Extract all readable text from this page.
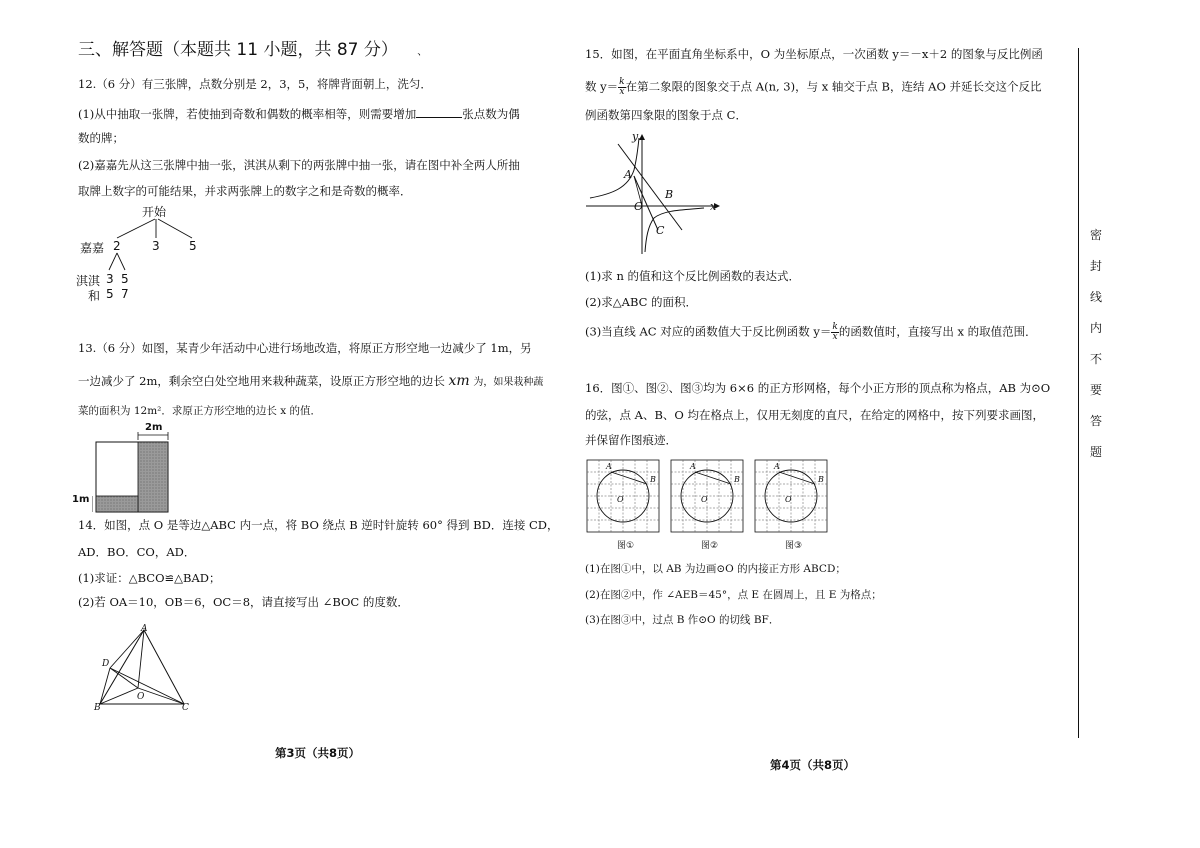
三、解答题（本题共 11 小题，共 87 分） 、
12.（6 分）有三张牌，点数分别是 2，3，5，将牌背面朝上，洗匀．
(1)从中抽取一张牌，若使抽到奇数和偶数的概率相等，则需要增加	张点数为偶
数的牌；
(2)嘉嘉先从这三张牌中抽一张，淇淇从剩下的两张牌中抽一张，请在图中补全两人所抽
取牌上数字的可能结果，并求两张牌上的数字之和是奇数的概率．
开始
嘉嘉 2	3 5
淇淇 3 5
和 5 7
13.（6 分）如图，某青少年活动中心进行场地改造，将原正方形空地一边减少了 1m，另
一边减少了 2m，剩余空白处空地用来栽种蔬菜，设原正方形空地的边长 xm 为，如果栽种蔬
菜的面积为 12m²．求原正方形空地的边长 x 的值．
2m
1m
14．如图，点 O 是等边△ABC 内一点，将 BO 绕点 B 逆时针旋转 60° 得到 BD．连接 CD，
AD．BO．CO，AD．
(1)求证：△BCO≌△BAD；
(2)若 OA＝10，OB＝6，OC＝8，请直接写出 ∠BOC 的度数．
A
D
O
B	C
第3页（共8页）
15．如图，在平面直角坐标系中，O 为坐标原点，一次函数 y＝－x＋2 的图象与反比例函
数 $y= \frac{k}{x}$ 在第二象限的图象交于点 A(n, 3)，与 x 轴交于点 B，连结 AO 并延长交这个反比
例函数第四象限的图象于点 C．
y
x
A
B
O
C
(1)求 n 的值和这个反比例函数的表达式．
(2)求△ABC 的面积．
(3)当直线 AC 对应的函数值大于反比例函数 $y= \frac{k}{x}$ 的函数值时，直接写出 x 的取值范围．
16．图①、图②、图③均为 6×6 的正方形网格，每个小正方形的顶点称为格点，AB 为⊙O
的弦，点 A、B、O 均在格点上，仅用无刻度的直尺，在给定的网格中，按下列要求画图，
并保留作图痕迹．
A
B
O
A
B
O
A
B
O
图①	图②	图③
(1)在图①中，以 AB 为边画⊙O 的内接正方形 ABCD；
(2)在图②中，作 ∠AEB＝45°，点 E 在圆周上，且 E 为格点；
(3)在图③中，过点 B 作⊙O 的切线 BF．
第4页（共8页）
密 封 线 内 不 要 答 题
